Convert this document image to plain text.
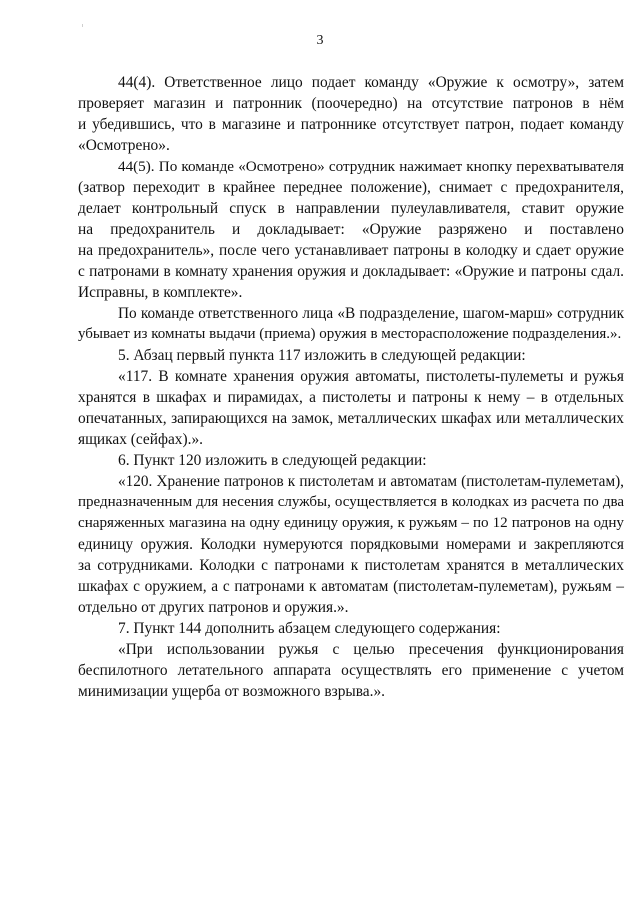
3
44(4). Ответственное лицо подает команду «Оружие к осмотру», затем
проверяет магазин и патронник (поочередно) на отсутствие патронов в нём
и убедившись, что в магазине и патроннике отсутствует патрон, подает команду
«Осмотрено».
44(5). По команде «Осмотрено» сотрудник нажимает кнопку перехватывателя
(затвор переходит в крайнее переднее положение), снимает с предохранителя,
делает контрольный спуск в направлении пулеулавливателя, ставит оружие
на предохранитель и докладывает: «Оружие разряжено и поставлено
на предохранитель», после чего устанавливает патроны в колодку и сдает оружие
с патронами в комнату хранения оружия и докладывает: «Оружие и патроны сдал.
Исправны, в комплекте».
По команде ответственного лица «В подразделение, шагом-марш» сотрудник
убывает из комнаты выдачи (приема) оружия в месторасположение подразделения.».
5. Абзац первый пункта 117 изложить в следующей редакции:
«117. В комнате хранения оружия автоматы, пистолеты-пулеметы и ружья
хранятся в шкафах и пирамидах, а пистолеты и патроны к нему – в отдельных
опечатанных, запирающихся на замок, металлических шкафах или металлических
ящиках (сейфах).».
6. Пункт 120 изложить в следующей редакции:
«120. Хранение патронов к пистолетам и автоматам (пистолетам-пулеметам),
предназначенным для несения службы, осуществляется в колодках из расчета по два
снаряженных магазина на одну единицу оружия, к ружьям – по 12 патронов на одну
единицу оружия. Колодки нумеруются порядковыми номерами и закрепляются
за сотрудниками. Колодки с патронами к пистолетам хранятся в металлических
шкафах с оружием, а с патронами к автоматам (пистолетам-пулеметам), ружьям –
отдельно от других патронов и оружия.».
7. Пункт 144 дополнить абзацем следующего содержания:
«При использовании ружья с целью пресечения функционирования
беспилотного летательного аппарата осуществлять его применение с учетом
минимизации ущерба от возможного взрыва.».
